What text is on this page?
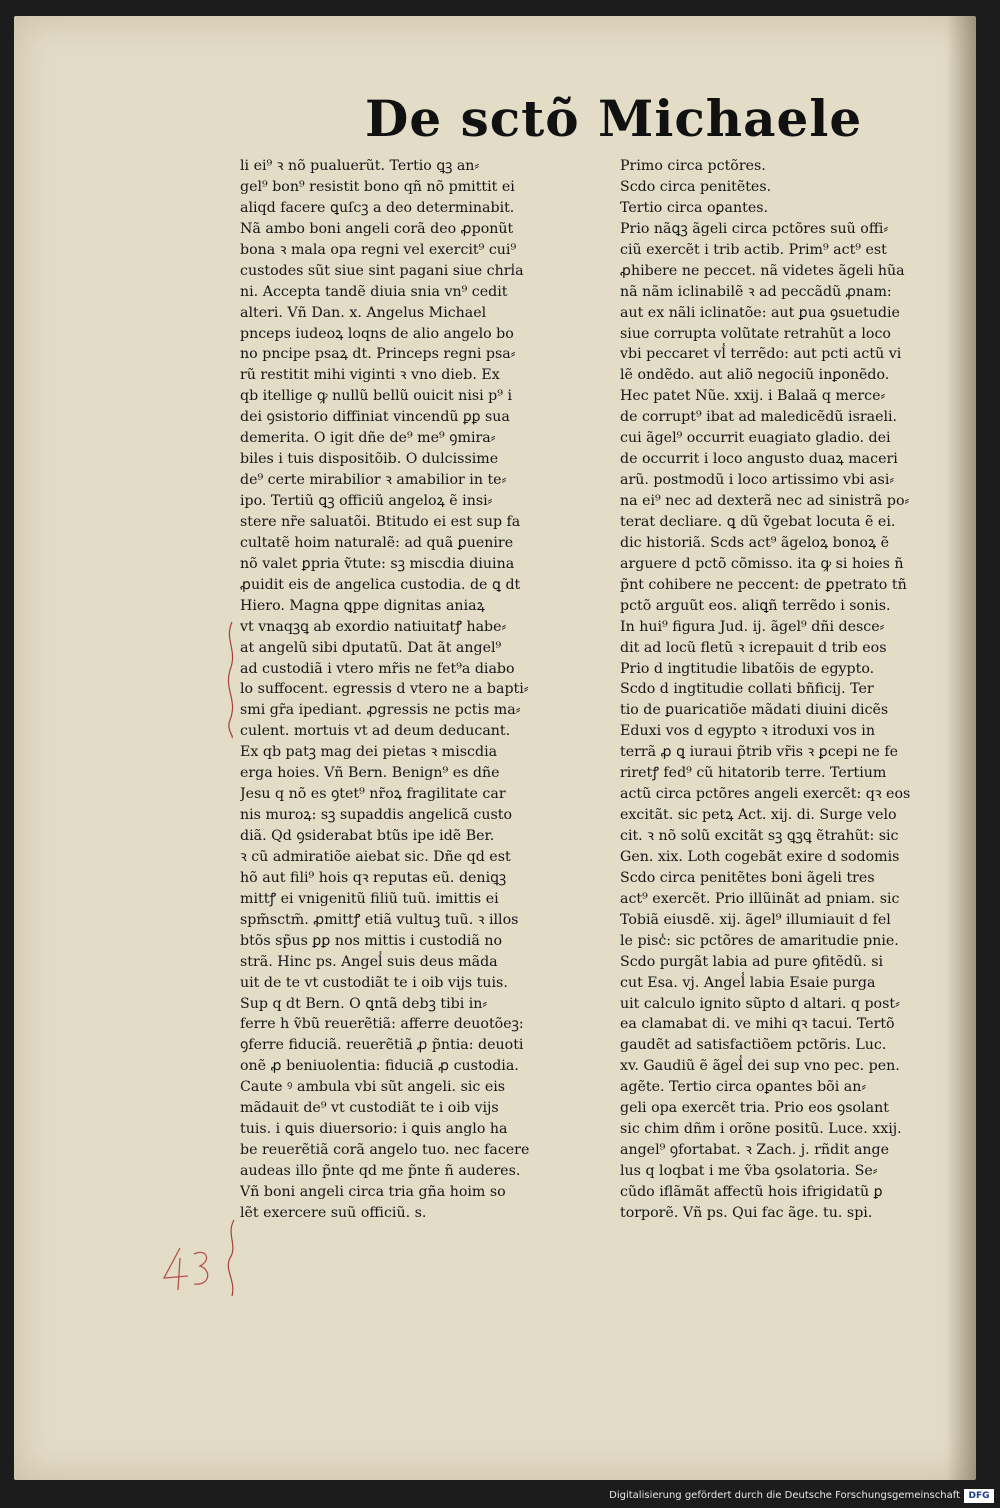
De sctõ Michaele
li ei⁹ ꝛ nõ pualuerũt. Tertio ꝗꝫ an⸗
gel⁹ bon⁹ resistit bono qñ nõ pmittit ei
aliqd facere ꝗuſcꝫ a deo determinabit.
Nã ambo boni angeli corã deo ꝓponũt
bona ꝛ mala opa regni vel exercit⁹ cui⁹
custodes sũt siue sint pagani siue chri̾a
ni. Accepta tandẽ diuia snia vn⁹ cedit
alteri. Vñ Dan. x. Angelus Michael
pnceps iudeoꝝ loqns de alio angelo bo
no pncipe psaꝝ dt. Princeps regni psa⸗
rũ restitit mihi viginti ꝛ vno dieb. Ex
qb itellige ꝙ nullũ bellũ ouicit nisi p⁹ i
dei ꝯsistorio diffiniat vincendũ ꝑꝑ sua
demerita. O igit dñe de⁹ me⁹ ꝯmira⸗
biles i tuis dispositõib. O dulcissime
de⁹ certe mirabilior ꝛ amabilior in te⸗
ipo. Tertiũ ꝗꝫ officiũ angeloꝝ ẽ insi⸗
stere nr̃e saluatõi. Btitudo ei est sup fa
cultatẽ hoim naturalẽ: ad quã ꝑuenire
nõ valet ꝑpria ṽtute: sꝫ miscdia diuina
ꝓuidit eis de angelica custodia. de ꝗ dt
Hiero. Magna ꝗppe dignitas aniaꝝ
vt vnaqꝫꝗ ab exordio natiuitatꝭ habe⸗
at angelũ sibi dputatũ. Dat ãt angel⁹
ad custodiã i vtero mr̃is ne fet⁹a diabo
lo suffocent. egressis d vtero ne a bapti⸗
smi gr̃a ipediant. ꝓgressis ne pctis ma⸗
culent. mortuis vt ad deum deducant.
Ex qb patꝫ mag dei pietas ꝛ miscdia
erga hoies. Vñ Bern. Benign⁹ es dñe
Jesu q nõ es ꝯtet⁹ nr̃oꝝ fragilitate car
nis muroꝝ: sꝫ supaddis angelicã custo
diã. Qd ꝯsiderabat btũs ipe idẽ Ber.
ꝛ cũ admiratiõe aiebat sic. Dñe qd est
hõ aut fili⁹ hois qꝛ reputas eũ. deniꝗꝫ
mittꝭ ei vnigenitũ filiũ tuũ. imittis ei
spm̃sctm̃. ꝓmittꝭ etiã vultuꝫ tuũ. ꝛ illos
btõs sp̃us ꝑꝑ nos mittis i custodiã no
strã. Hinc ps. Angel̾ suis deus mãda
uit de te vt custodiãt te i oib vijs tuis.
Sup q dt Bern. O ꝗntã debꝫ tibi in⸗
ferre h ṽbũ reuerẽtiã: afferre deuotõeꝫ:
ꝯferre fiduciã. reuerẽtiã ꝓ p̃ntia: deuoti
onẽ ꝓ beniuolentia: fiduciã ꝓ custodia.
Caute ꝰ ambula vbi sũt angeli. sic eis
mãdauit de⁹ vt custodiãt te i oib vijs
tuis. i ꝗuis diuersorio: i ꝗuis anglo ha
be reuerẽtiã corã angelo tuo. nec facere
audeas illo p̃nte qd me p̃nte ñ auderes.
Vñ boni angeli circa tria gña hoim so
lẽt exercere suũ officiũ. s.
Primo circa pctõres.
Scdo circa penitẽtes.
Tertio circa oꝑantes.
Prio nãꝗꝫ ãgeli circa pctõres suũ offi⸗
ciũ exercẽt i trib actib. Prim⁹ act⁹ est
ꝓhibere ne peccet. nã videtes ãgeli hũa
nã nãm iclinabilẽ ꝛ ad peccãdũ ꝓnam:
aut ex nãli iclinatõe: aut ꝑua ꝯsuetudie
siue corrupta volũtate retrahũt a loco
vbi peccaret vl̾ terrẽdo: aut pcti actũ vi
lẽ ondẽdo. aut aliõ negociũ inꝑonẽdo.
Hec patet Nũe. xxij. i Balaã q merce⸗
de corrupt⁹ ibat ad maledicẽdũ israeli.
cui ãgel⁹ occurrit euagiato gladio. dei
de occurrit i loco angusto duaꝝ maceri
arũ. postmodũ i loco artissimo vbi asi⸗
na ei⁹ nec ad dexterã nec ad sinistrã po⸗
terat decliare. ꝗ dũ ṽgebat locuta ẽ ei.
dic historiã. Scds act⁹ ãgeloꝝ bonoꝝ ẽ
arguere d pctõ cõmisso. ita ꝙ si hoies ñ
p̃nt cohibere ne peccent: de ꝑpetrato tñ
pctõ arguũt eos. aliꝗñ terrẽdo i sonis.
In hui⁹ figura Jud. ij. ãgel⁹ dñi desce⸗
dit ad locũ fletũ ꝛ icrepauit d trib eos
Prio d ingtitudie libatõis de egypto.
Scdo d ingtitudie collati bñficij. Ter
tio de ꝑuaricatiõe mãdati diuini dicẽs
Eduxi vos d egypto ꝛ itroduxi vos in
terrã ꝓ ꝗ iuraui p̃trib vr̃is ꝛ ꝑcepi ne fe
riretꝭ fed⁹ cũ hitatorib terre. Tertium
actũ circa pctõres angeli exercẽt: qꝛ eos
excitãt. sic petꝝ Act. xij. di. Surge velo
cit. ꝛ nõ solũ excitãt sꝫ ꝗꝫꝗ ẽtrahũt: sic
Gen. xix. Loth cogebãt exire d sodomis
Scdo circa penitẽtes boni ãgeli tres
act⁹ exercẽt. Prio illũinãt ad pniam. sic
Tobiã eiusdẽ. xij. ãgel⁹ illumiauit d fel
le pisc̾: sic pctõres de amaritudie pnie.
Scdo purgãt labia ad pure ꝯfitẽdũ. si
cut Esa. vj. Angel̾ labia Esaie purga
uit calculo ignito sũpto d altari. q post⸗
ea clamabat di. ve mihi qꝛ tacui. Tertõ
gaudẽt ad satisfactiõem pctõris. Luc.
xv. Gaudiũ ẽ ãgel̾ dei sup vno pec. pen.
agẽte. Tertio circa oꝑantes bõi an⸗
geli opa exercẽt tria. Prio eos ꝯsolant
sic chim dñm i orõne positũ. Luce. xxij.
angel⁹ ꝯfortabat. ꝛ Zach. j. rñdit ange
lus q loqbat i me ṽba ꝯsolatoria. Se⸗
cũdo iflãmãt affectũ hois ifrigidatũ ꝑ
torporẽ. Vñ ps. Qui fac ãge. tu. spi.
Digitalisierung gefördert durch die Deutsche Forschungsgemeinschaft DFG
